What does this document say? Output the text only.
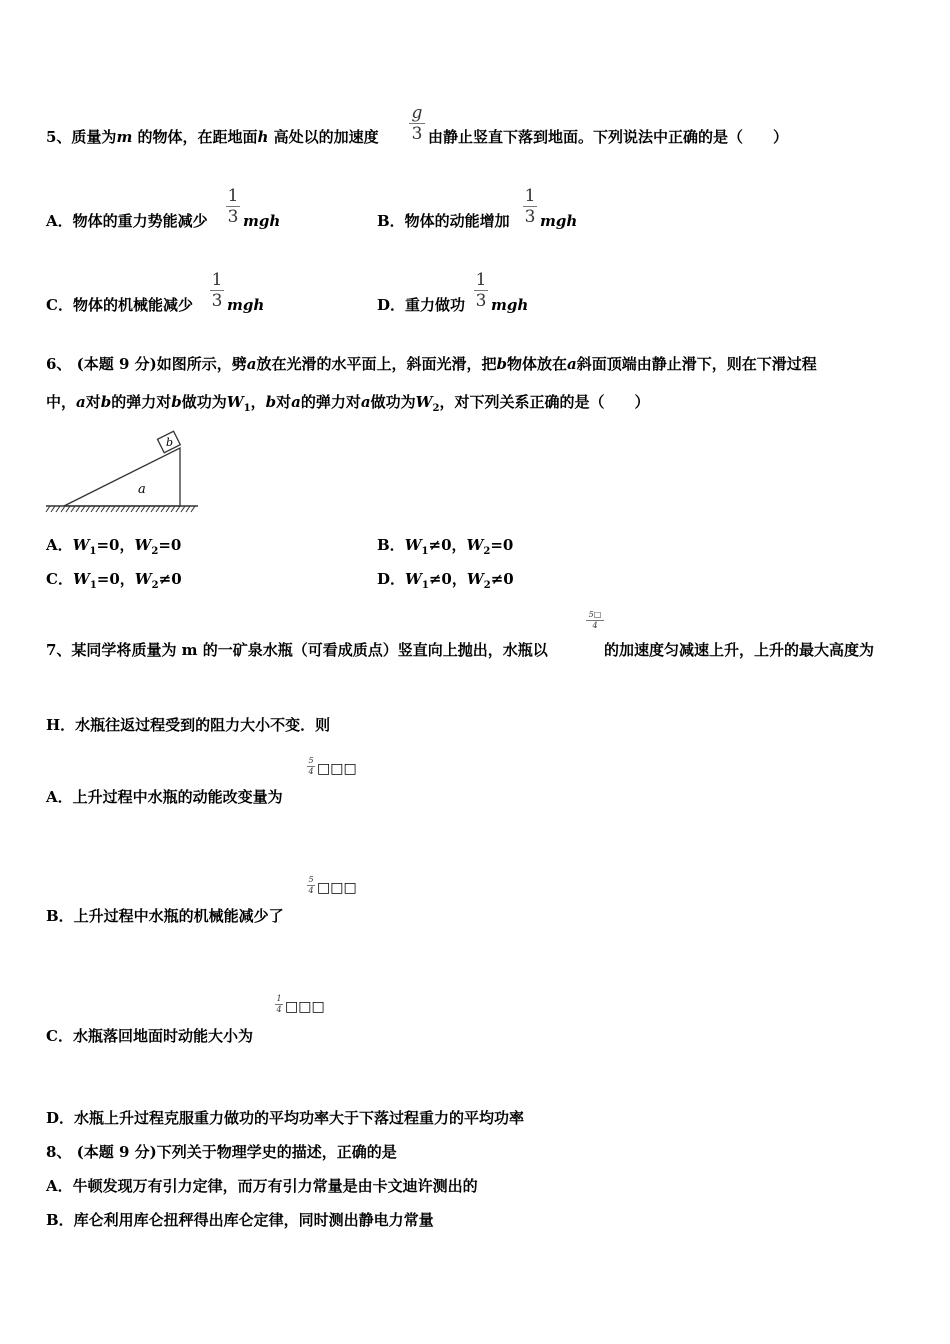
5、质量为m 的物体，在距地面h 高处以的加速度
g
3 由静止竖直下落到地面。下列说法中正确的是（　　）
A．物体的重力势能减少
1
3 mgh	B．物体的动能增加
1
3 mgh
C．物体的机械能减少
1
3 mgh	D．重力做功
1
3 mgh
6、 (本题 9 分)如图所示，劈a放在光滑的水平面上，斜面光滑，把b物体放在a斜面顶端由静止滑下，则在下滑过程
中，a对b的弹力对b做功为$W_1$，b对a的弹力对a做功为$W_2$，对下列关系正确的是（　　）
b
a
A．$W_1=0$，$W_2=0$	B．$W_1\ne 0$，$W_2=0$
C．$W_1=0$，$W_2\ne 0$	D．$W_1\ne 0$，$W_2\ne 0$
7、某同学将质量为 m 的一矿泉水瓶（可看成质点）竖直向上抛出，水瓶以
5□
4
的加速度匀减速上升，上升的最大高度为
H．水瓶往返过程受到的阻力大小不变．则
5
4 □□□
A．上升过程中水瓶的动能改变量为
5
4 □□□
B．上升过程中水瓶的机械能减少了
1
4 □□□
C．水瓶落回地面时动能大小为
D．水瓶上升过程克服重力做功的平均功率大于下落过程重力的平均功率
8、 (本题 9 分)下列关于物理学史的描述，正确的是
A．牛顿发现万有引力定律，而万有引力常量是由卡文迪许测出的
B．库仑利用库仑扭秤得出库仑定律，同时测出静电力常量
